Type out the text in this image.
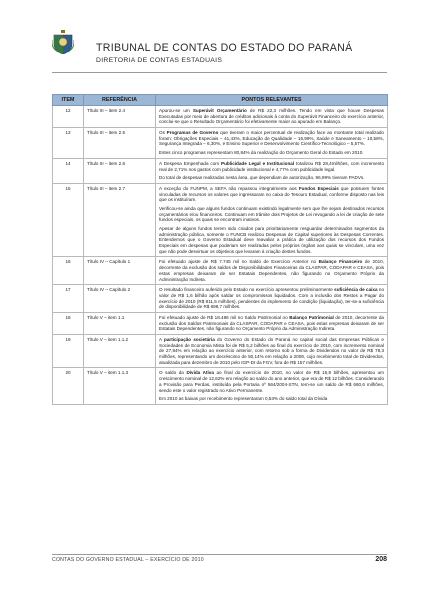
TRIBUNAL DE CONTAS DO ESTADO DO PARANÁ
DIRETORIA DE CONTAS ESTADUAIS
ITEM	REFERÊNCIA	PONTOS RELEVANTES
12	Título III – item 2.4	Apurou-se um Superávit Orçamentário de R$ 22,3 milhões. Tendo em vista que houve Despesas Executadas por meio de abertura de créditos adicionais à conta do Superávit Financeiro do exercício anterior, conclui-se que o Resultado Orçamentário foi efetivamente maior ao apurado em Balanço.

13	Título III – item 2.5	Os Programas de Governo que tiveram o maior percentual de realização face ao montante total realizado foram: Obrigações Especiais – 41,43%, Educação de Qualidade – 16,99%, Saúde e Saneamento – 10,58%, Segurança Integrada – 6,30%, e Ensino Superior e Desenvolvimento Científico-Tecnológico – 5,57%.

Estes cinco programas representam 80,84% da realização do Orçamento Geral do Estado em 2010.

14	Título III – item 2.6	A Despesa Empenhada com Publicidade Legal e Institucional totalizou R$ 28,4milhões, com incremento real de 2,71% nos gastos com publicidade institucional e 4,77% com publicidade legal.

Do total de despesas realizadas nesta área, que dependiam de autorização, 96,99% tiveram PADVs.

15	Título III – item 2.7	A exceção do FUNPM, a SEFA não repassou integralmente aos Fundos Especiais que possuem fontes vinculadas de recursos os valores que ingressaram no caixa do Tesouro Estadual, conforme disposto nas leis que os instituíram.

Verificou-se ainda que alguns fundos continuam existindo legalmente sem que lhe sejam destinados recursos orçamentários e/ou financeiros. Continuam em trâmite dois Projetos de Lei revogando a lei de criação de sete fundos especiais, os quais se encontram inativos.

Apesar de alguns fundos terem sido criados para prioritariamente resguardar determinados segmentos da administração pública, somente o FUNCB realizou Despesas de Capital superiores às Despesas Correntes. Entendemos que o Governo Estadual deve reavaliar a prática de utilização dos recursos dos Fundos Especiais em despesas que poderiam ser realizadas pelos próprios órgãos aos quais se vinculam, uma vez que não pode desvirtuar os objetivos que levaram à criação destes fundos.

16	Título IV – Capítulo 1	Foi efetuado ajuste de R$ 7.745 mil no Saldo de Exercício Anterior no Balanço Financeiro de 2010, decorrente da exclusão dos saldos de Disponibilidades Financeiras da CLASPAR, CODAPAR e CEASA, pois estas empresas deixaram de ser Estatais Dependentes, não figurando no Orçamento Próprio da Administração Indireta.

17	Título IV – Capítulo 2	O resultado financeiro auferido pelo Estado no exercício apresentou preliminarmente suficiência de caixa no valor de R$ 1,6 bilhão após saldar os compromissos liquidados. Com a inclusão dos Restos a Pagar do exercício de 2010 (R$ 911,5 milhões), pendentes do implemento de condição (liquidação), ter-se-a suficiência de disponibilidade de R$ 698,7 milhões.

18	Título V – item 1.1	Foi efetuado ajuste de R$ 18.486 mil no Saldo Patrimonial no Balanço Patrimonial de 2010, decorrente da exclusão dos Saldos Patrimoniais da CLASPAR, CODAPAR e CEASA, pois estas empresas deixaram de ser Estatais Dependentes, não figurando no Orçamento Próprio da Administração Indireta.

19	Título V – item 1.1.2	A participação societária do Governo do Estado do Paraná no capital social das Empresas Públicas e Sociedades de Economia Mista foi de R$ 5,2 bilhões ao final do exercício de 2010, com incremento nominal de 27,84% em relação ao exercício anterior, com retorno sob a forma de Dividendos no valor de R$ 78,3 milhões, representando um decréscimo de 50,14% em relação a 2009, cujo recebimento total de Dividendos, atualizada para dezembro de 2010 pelo IGP-DI da FGV, fora de R$ 157 milhões.

20	Título V – item 1.1.3	O saldo da Dívida Ativa ao final do exercício de 2010, no valor de R$ 15,8 bilhões, apresentou um crescimento nominal de 12,62% em relação ao saldo do ano anterior, que era de R$ 12 bilhões. Considerando a Provisão para Perdas, instituída pela Portaria nº 564/2004-STN, tem-se um saldo de R$ 660,6 milhões, sendo este o valor registrado no Ativo Permanente.

Em 2010 as baixas por recebimento representaram 0,53% do saldo total da Dívida

CONTAS DO GOVERNO ESTADUAL – EXERCÍCIO DE 2010	208
